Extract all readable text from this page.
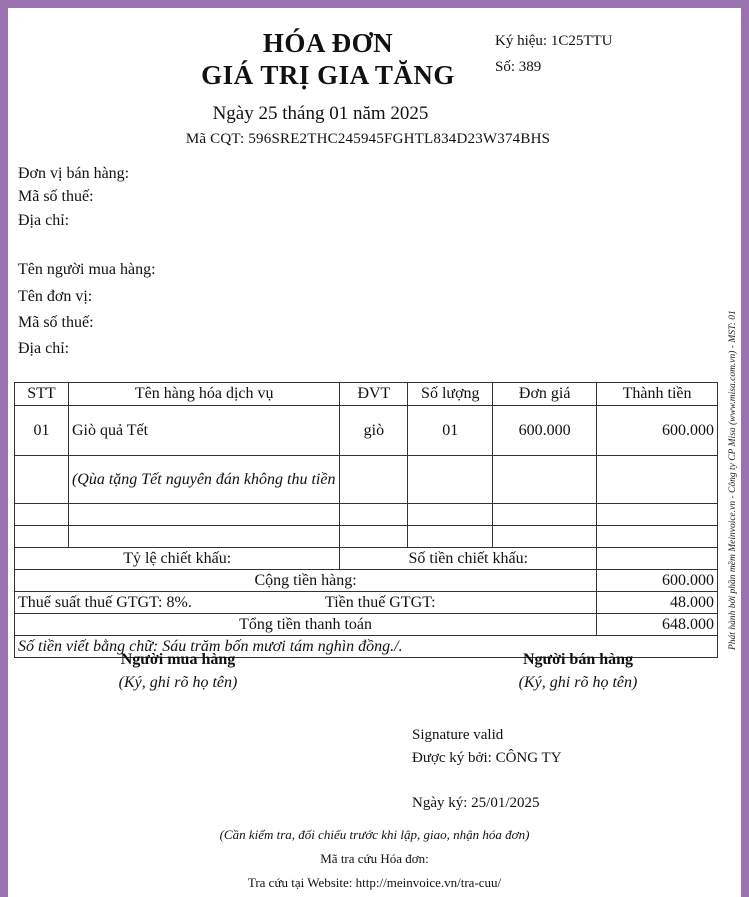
HÓA ĐƠN
GIÁ TRỊ GIA TĂNG
Ký hiệu: 1C25TTU
Số: 389
Ngày 25 tháng 01 năm 2025
Mã CQT: 596SRE2THC245945FGHTL834D23W374BHS
Đơn vị bán hàng:
Mã số thuế:
Địa chỉ:
Tên người mua hàng:
Tên đơn vị:
Mã số thuế:
Địa chỉ:	Phát hành bởi phần mềm Meinvoice.vn - Công ty CP Misa (www.misa.com.vn) - MST: 01
STT	Tên hàng hóa dịch vụ	ĐVT	Số lượng	Đơn giá	Thành tiền
01	Giò quả Tết	giò	01	600.000	600.000
	(Qùa tặng Tết nguyên đán không thu tiền				

Tỷ lệ chiết khấu:		Số tiền chiết khấu:			
Cộng tiền hàng:					600.000
Thuế suất thuế GTGT: 8%. Tiền thuế GTGT:					48.000
Tổng tiền thanh toán					648.000
Số tiền viết bằng chữ: Sáu trăm bốn mươi tám nghìn đồng./.					
Người mua hàng
(Ký, ghi rõ họ tên)
Người bán hàng
(Ký, ghi rõ họ tên)
Signature valid
Được ký bởi: CÔNG TY
Ngày ký: 25/01/2025
(Cần kiểm tra, đối chiếu trước khi lập, giao, nhận hóa đơn)
Mã tra cứu Hóa đơn:
Tra cứu tại Website: http://meinvoice.vn/tra-cuu/
